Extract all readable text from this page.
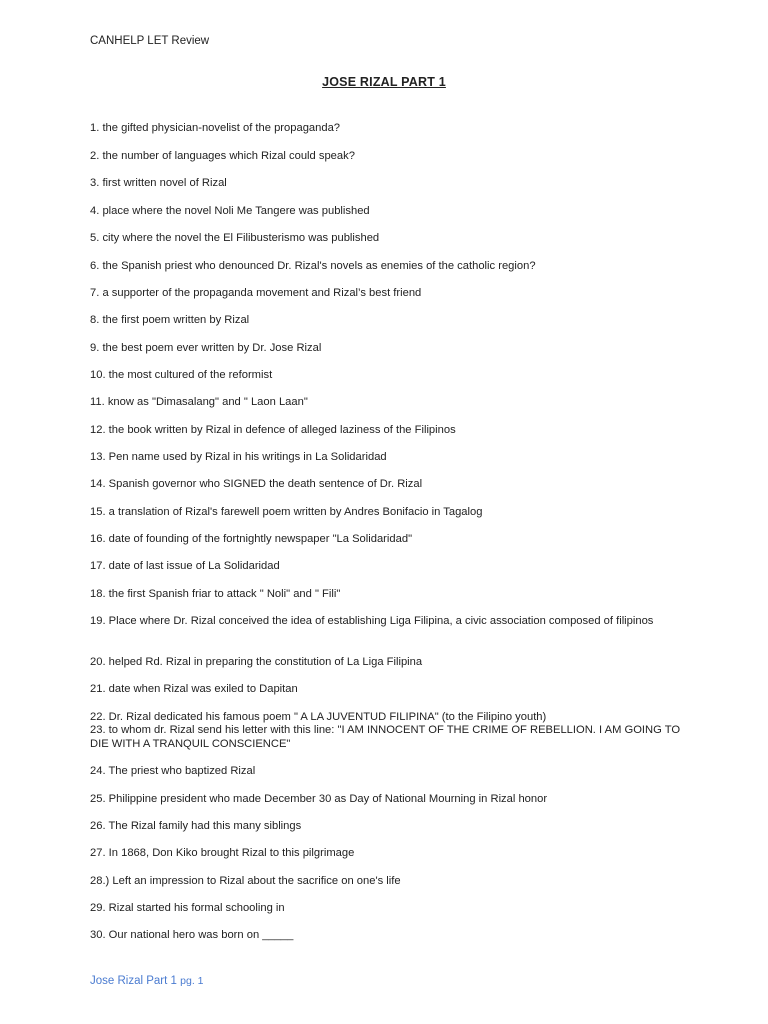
CANHELP LET Review
JOSE RIZAL PART 1
1. the gifted physician-novelist of the propaganda?
2. the number of languages which Rizal could speak?
3. first written novel of Rizal
4. place where the novel Noli Me Tangere was published
5. city where the novel the El Filibusterismo was published
6. the Spanish priest who denounced Dr. Rizal's novels as enemies of the catholic region?
7. a supporter of the propaganda movement and Rizal’s best friend
8. the first poem written by Rizal
9. the best poem ever written by Dr. Jose Rizal
10. the most cultured of the reformist
11. know as "Dimasalang" and " Laon Laan"
12. the book written by Rizal in defence of alleged laziness of the Filipinos
13. Pen name used by Rizal in his writings in La Solidaridad
14. Spanish governor who SIGNED the death sentence of Dr. Rizal
15. a translation of Rizal's farewell poem written by Andres Bonifacio in Tagalog
16. date of founding of the fortnightly newspaper "La Solidaridad"
17. date of last issue of La Solidaridad
18. the first Spanish friar to attack " Noli" and " Fili"
19. Place where Dr. Rizal conceived the idea of establishing Liga Filipina, a civic association composed of filipinos
20. helped Rd. Rizal in preparing the constitution of La Liga Filipina
21. date when Rizal was exiled to Dapitan
22. Dr. Rizal dedicated his famous poem " A LA JUVENTUD FILIPINA" (to the Filipino youth)
23. to whom dr. Rizal send his letter with this line: "I AM INNOCENT OF THE CRIME OF REBELLION. I AM GOING TO DIE WITH A TRANQUIL CONSCIENCE"
24. The priest who baptized Rizal
25. Philippine president who made December 30 as Day of National Mourning in Rizal honor
26. The Rizal family had this many siblings
27. In 1868, Don Kiko brought Rizal to this pilgrimage
28.) Left an impression to Rizal about the sacrifice on one's life
29. Rizal started his formal schooling in
30. Our national hero was born on _____
Jose Rizal Part 1 pg. 1
